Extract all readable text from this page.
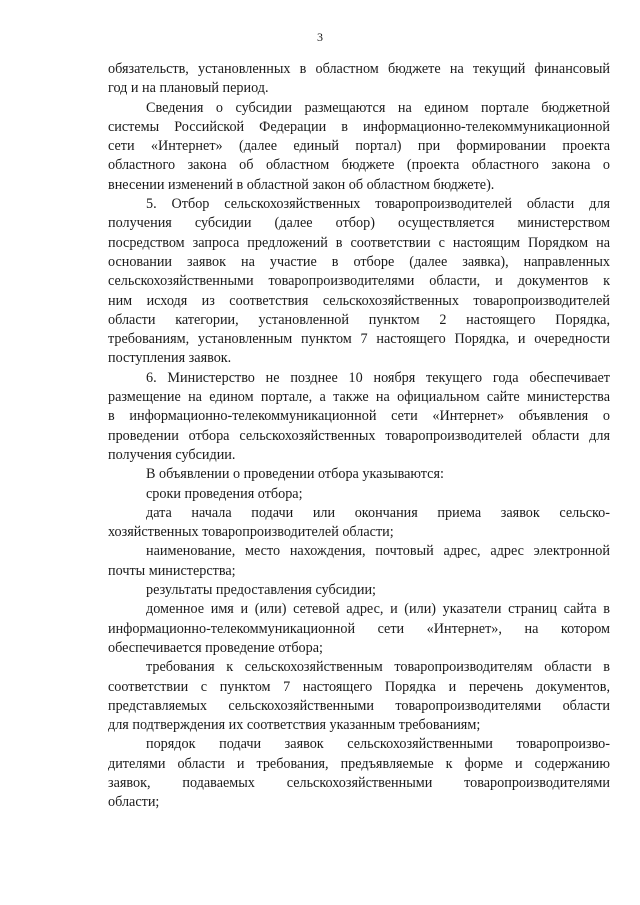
3
обязательств, установленных в областном бюджете на текущий финансовый
год и на плановый период.
Сведения о субсидии размещаются на едином портале бюджетной
системы Российской Федерации в информационно-телекоммуникационной
сети «Интернет» (далее единый портал) при формировании проекта
областного закона об областном бюджете (проекта областного закона о
внесении изменений в областной закон об областном бюджете).
5. Отбор сельскохозяйственных товаропроизводителей области для
получения субсидии (далее отбор) осуществляется министерством
посредством запроса предложений в соответствии с настоящим Порядком на
основании заявок на участие в отборе (далее заявка), направленных
сельскохозяйственными товаропроизводителями области, и документов к
ним исходя из соответствия сельскохозяйственных товаропроизводителей
области категории, установленной пунктом 2 настоящего Порядка,
требованиям, установленным пунктом 7 настоящего Порядка, и очередности
поступления заявок.
6. Министерство не позднее 10 ноября текущего года обеспечивает
размещение на едином портале, а также на официальном сайте министерства
в информационно-телекоммуникационной сети «Интернет» объявления о
проведении отбора сельскохозяйственных товаропроизводителей области для
получения субсидии.
В объявлении о проведении отбора указываются:
сроки проведения отбора;
дата начала подачи или окончания приема заявок сельско-
хозяйственных товаропроизводителей области;
наименование, место нахождения, почтовый адрес, адрес электронной
почты министерства;
результаты предоставления субсидии;
доменное имя и (или) сетевой адрес, и (или) указатели страниц сайта в
информационно-телекоммуникационной сети «Интернет», на котором
обеспечивается проведение отбора;
требования к сельскохозяйственным товаропроизводителям области в
соответствии с пунктом 7 настоящего Порядка и перечень документов,
представляемых сельскохозяйственными товаропроизводителями области
для подтверждения их соответствия указанным требованиям;
порядок подачи заявок сельскохозяйственными товаропроизво-
дителями области и требования, предъявляемые к форме и содержанию
заявок, подаваемых сельскохозяйственными товаропроизводителями
области;
